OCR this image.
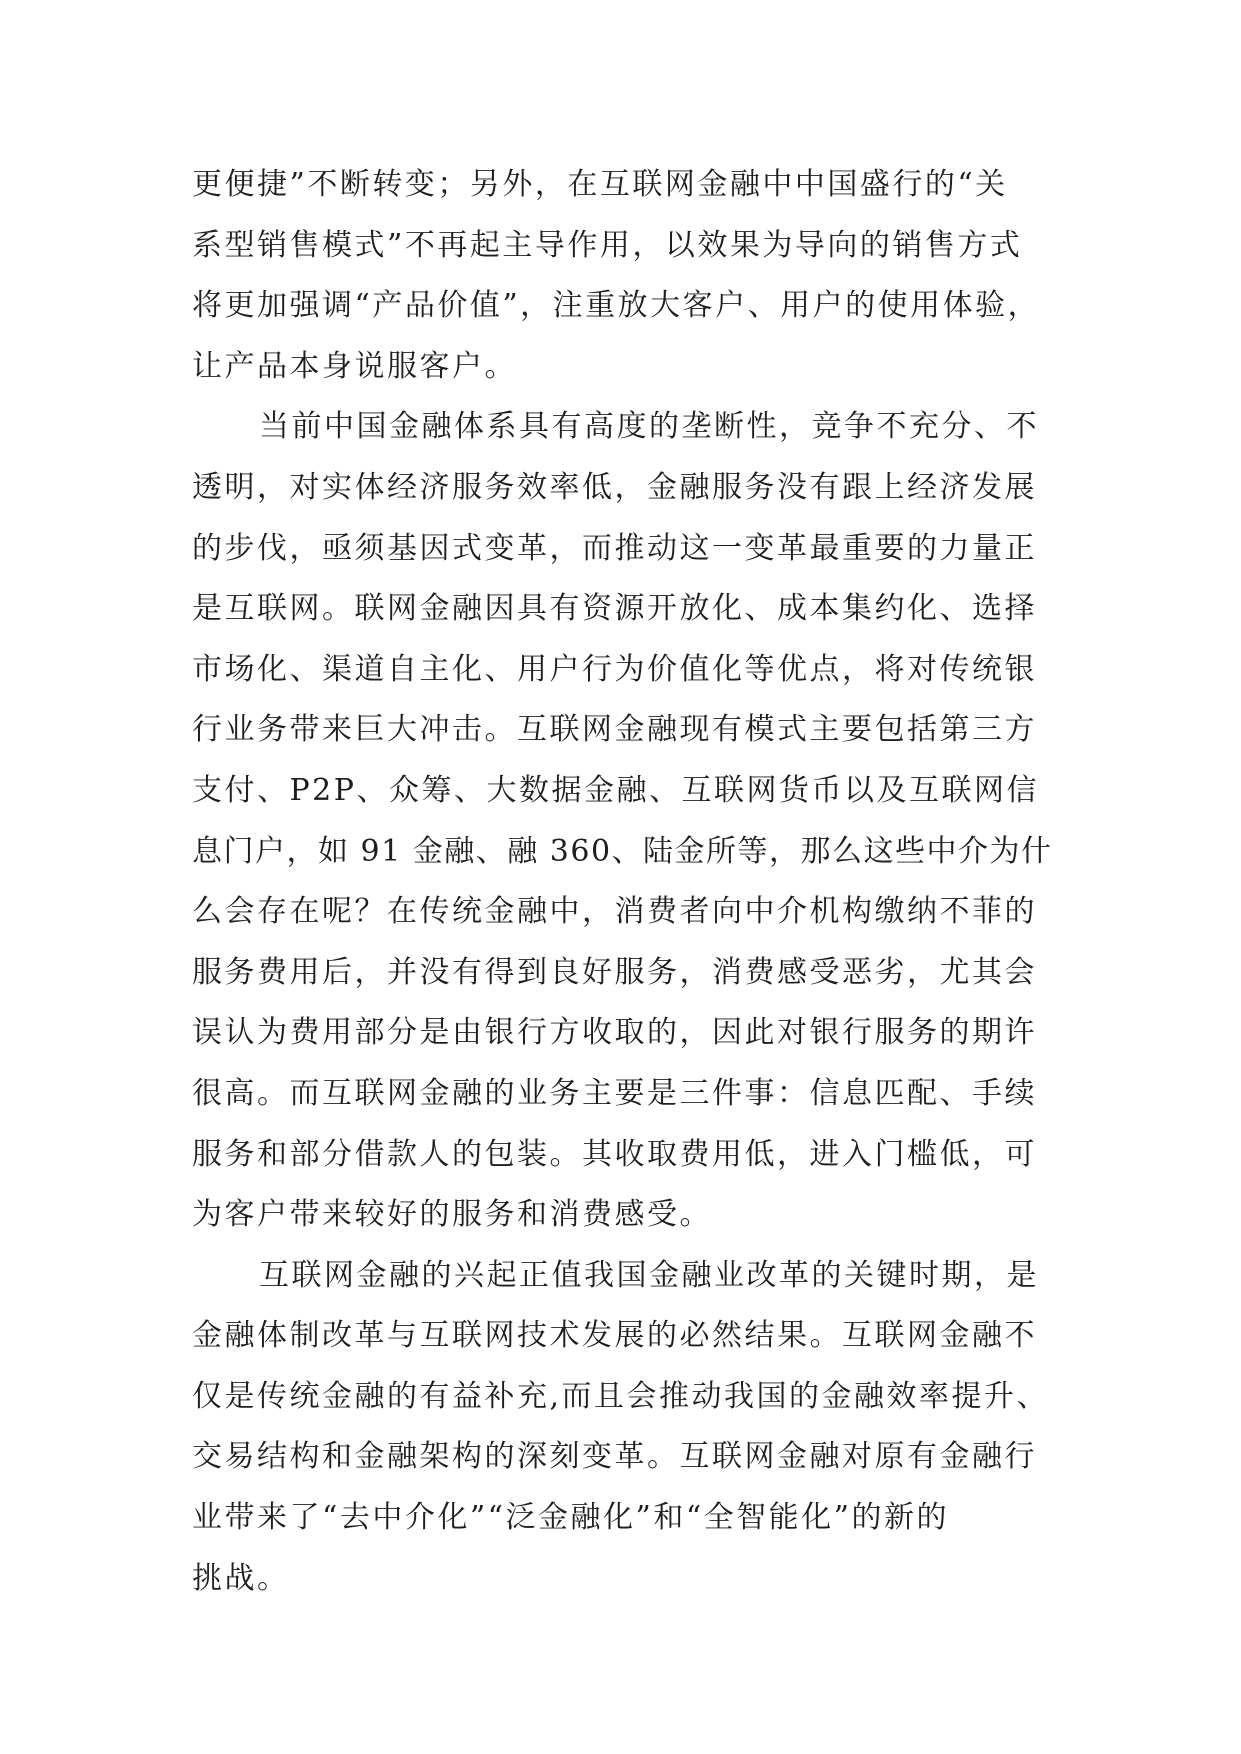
更便捷”不断转变；另外，在互联网金融中中国盛行的“关
系型销售模式”不再起主导作用，以效果为导向的销售方式
将更加强调“产品价值”，注重放大客户、用户的使用体验，
让产品本身说服客户。
当前中国金融体系具有高度的垄断性，竞争不充分、不
透明，对实体经济服务效率低，金融服务没有跟上经济发展
的步伐，亟须基因式变革，而推动这一变革最重要的力量正
是互联网。联网金融因具有资源开放化、成本集约化、选择
市场化、渠道自主化、用户行为价值化等优点，将对传统银
行业务带来巨大冲击。互联网金融现有模式主要包括第三方
支付、P2P、众筹、大数据金融、互联网货币以及互联网信
息门户，如 91 金融、融 360、陆金所等，那么这些中介为什
么会存在呢？在传统金融中，消费者向中介机构缴纳不菲的
服务费用后，并没有得到良好服务，消费感受恶劣，尤其会
误认为费用部分是由银行方收取的，因此对银行服务的期许
很高。而互联网金融的业务主要是三件事：信息匹配、手续
服务和部分借款人的包装。其收取费用低，进入门槛低，可
为客户带来较好的服务和消费感受。
互联网金融的兴起正值我国金融业改革的关键时期，是
金融体制改革与互联网技术发展的必然结果。互联网金融不
仅是传统金融的有益补充,而且会推动我国的金融效率提升、
交易结构和金融架构的深刻变革。互联网金融对原有金融行
业带来了“去中介化”“泛金融化”和“全智能化”的新的
挑战。
